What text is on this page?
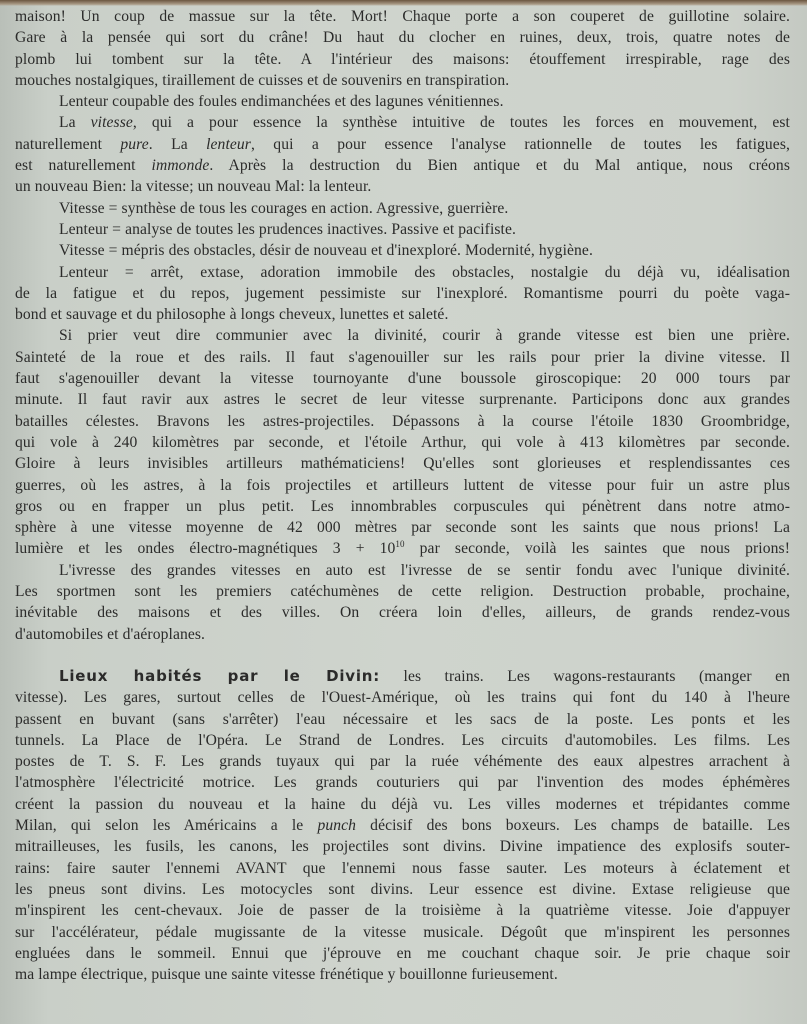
maison! Un coup de massue sur la tête. Mort! Chaque porte a son couperet de guillotine solaire.
Gare à la pensée qui sort du crâne! Du haut du clocher en ruines, deux, trois, quatre notes de
plomb lui tombent sur la tête. A l'intérieur des maisons: étouffement irrespirable, rage des
mouches nostalgiques, tiraillement de cuisses et de souvenirs en transpiration.
Lenteur coupable des foules endimanchées et des lagunes vénitiennes.
La vitesse, qui a pour essence la synthèse intuitive de toutes les forces en mouvement, est
naturellement pure. La lenteur, qui a pour essence l'analyse rationnelle de toutes les fatigues,
est naturellement immonde. Après la destruction du Bien antique et du Mal antique, nous créons
un nouveau Bien: la vitesse; un nouveau Mal: la lenteur.
Vitesse = synthèse de tous les courages en action. Agressive, guerrière.
Lenteur = analyse de toutes les prudences inactives. Passive et pacifiste.
Vitesse = mépris des obstacles, désir de nouveau et d'inexploré. Modernité, hygiène.
Lenteur = arrêt, extase, adoration immobile des obstacles, nostalgie du déjà vu, idéalisation
de la fatigue et du repos, jugement pessimiste sur l'inexploré. Romantisme pourri du poète vaga-
bond et sauvage et du philosophe à longs cheveux, lunettes et saleté.
Si prier veut dire communier avec la divinité, courir à grande vitesse est bien une prière.
Sainteté de la roue et des rails. Il faut s'agenouiller sur les rails pour prier la divine vitesse. Il
faut s'agenouiller devant la vitesse tournoyante d'une boussole giroscopique: 20 000 tours par
minute. Il faut ravir aux astres le secret de leur vitesse surprenante. Participons donc aux grandes
batailles célestes. Bravons les astres-projectiles. Dépassons à la course l'étoile 1830 Groombridge,
qui vole à 240 kilomètres par seconde, et l'étoile Arthur, qui vole à 413 kilomètres par seconde.
Gloire à leurs invisibles artilleurs mathématiciens! Qu'elles sont glorieuses et resplendissantes ces
guerres, où les astres, à la fois projectiles et artilleurs luttent de vitesse pour fuir un astre plus
gros ou en frapper un plus petit. Les innombrables corpuscules qui pénètrent dans notre atmo-
sphère à une vitesse moyenne de 42 000 mètres par seconde sont les saints que nous prions! La
lumière et les ondes électro-magnétiques $3 + 10^{10}$ par seconde, voilà les saintes que nous prions!
L'ivresse des grandes vitesses en auto est l'ivresse de se sentir fondu avec l'unique divinité.
Les sportmen sont les premiers catéchumènes de cette religion. Destruction probable, prochaine,
inévitable des maisons et des villes. On créera loin d'elles, ailleurs, de grands rendez-vous
d'automobiles et d'aéroplanes.
Lieux habités par le Divin: les trains. Les wagons-restaurants (manger en
vitesse). Les gares, surtout celles de l'Ouest-Amérique, où les trains qui font du 140 à l'heure
passent en buvant (sans s'arrêter) l'eau nécessaire et les sacs de la poste. Les ponts et les
tunnels. La Place de l'Opéra. Le Strand de Londres. Les circuits d'automobiles. Les films. Les
postes de T. S. F. Les grands tuyaux qui par la ruée véhémente des eaux alpestres arrachent à
l'atmosphère l'électricité motrice. Les grands couturiers qui par l'invention des modes éphémères
créent la passion du nouveau et la haine du déjà vu. Les villes modernes et trépidantes comme
Milan, qui selon les Américains a le punch décisif des bons boxeurs. Les champs de bataille. Les
mitrailleuses, les fusils, les canons, les projectiles sont divins. Divine impatience des explosifs souter-
rains: faire sauter l'ennemi AVANT que l'ennemi nous fasse sauter. Les moteurs à éclatement et
les pneus sont divins. Les motocycles sont divins. Leur essence est divine. Extase religieuse que
m'inspirent les cent-chevaux. Joie de passer de la troisième à la quatrième vitesse. Joie d'appuyer
sur l'accélérateur, pédale mugissante de la vitesse musicale. Dégoût que m'inspirent les personnes
engluées dans le sommeil. Ennui que j'éprouve en me couchant chaque soir. Je prie chaque soir
ma lampe électrique, puisque une sainte vitesse frénétique y bouillonne furieusement.
